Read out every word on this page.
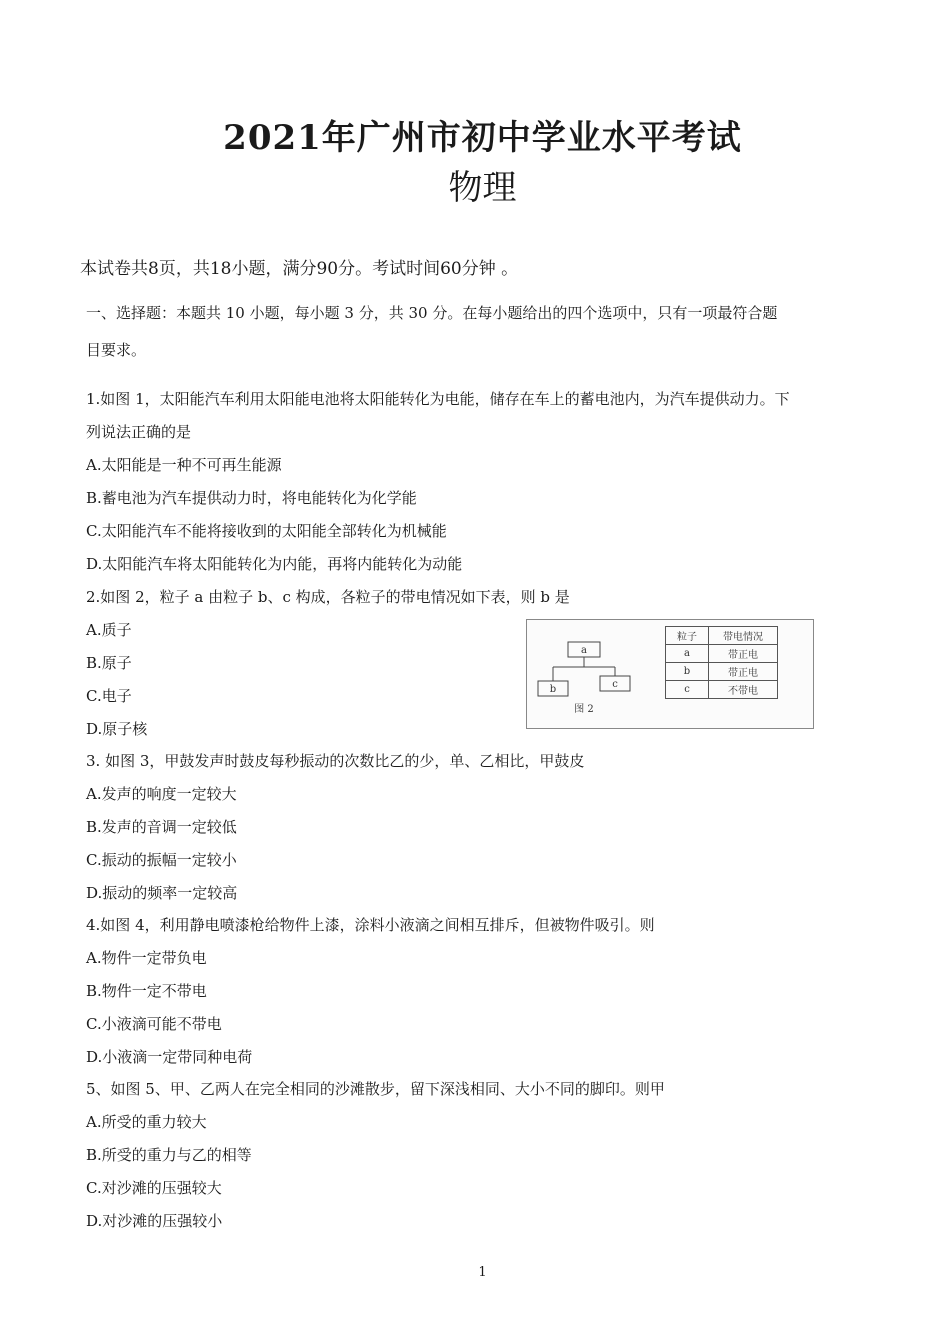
2021年广州市初中学业水平考试
物理
本试卷共8页，共18小题，满分90分。考试时间60分钟 。
一、选择题：本题共 10 小题，每小题 3 分，共 30 分。在每小题给出的四个选项中，只有一项最符合题
目要求。
1.如图 1，太阳能汽车利用太阳能电池将太阳能转化为电能，储存在车上的蓄电池内，为汽车提供动力。下
列说法正确的是
A.太阳能是一种不可再生能源
B.蓄电池为汽车提供动力时，将电能转化为化学能
C.太阳能汽车不能将接收到的太阳能全部转化为机械能
D.太阳能汽车将太阳能转化为内能，再将内能转化为动能
2.如图 2，粒子 a 由粒子 b、c 构成，各粒子的带电情况如下表，则 b 是
A.质子
B.原子
C.电子
D.原子核
3. 如图 3，甲鼓发声时鼓皮每秒振动的次数比乙的少，单、乙相比，甲鼓皮
A.发声的响度一定较大
B.发声的音调一定较低
C.振动的振幅一定较小
D.振动的频率一定较高
4.如图 4，利用静电喷漆枪给物件上漆，涂料小液滴之间相互排斥，但被物件吸引。则
A.物件一定带负电
B.物件一定不带电
C.小液滴可能不带电
D.小液滴一定带同种电荷
5、如图 5、甲、乙两人在完全相同的沙滩散步，留下深浅相同、大小不同的脚印。则甲
A.所受的重力较大
B.所受的重力与乙的相等
C.对沙滩的压强较大
D.对沙滩的压强较小
a
b	c
图 2
粒子	带电情况
a	带正电
b	带正电
c	不带电
1
